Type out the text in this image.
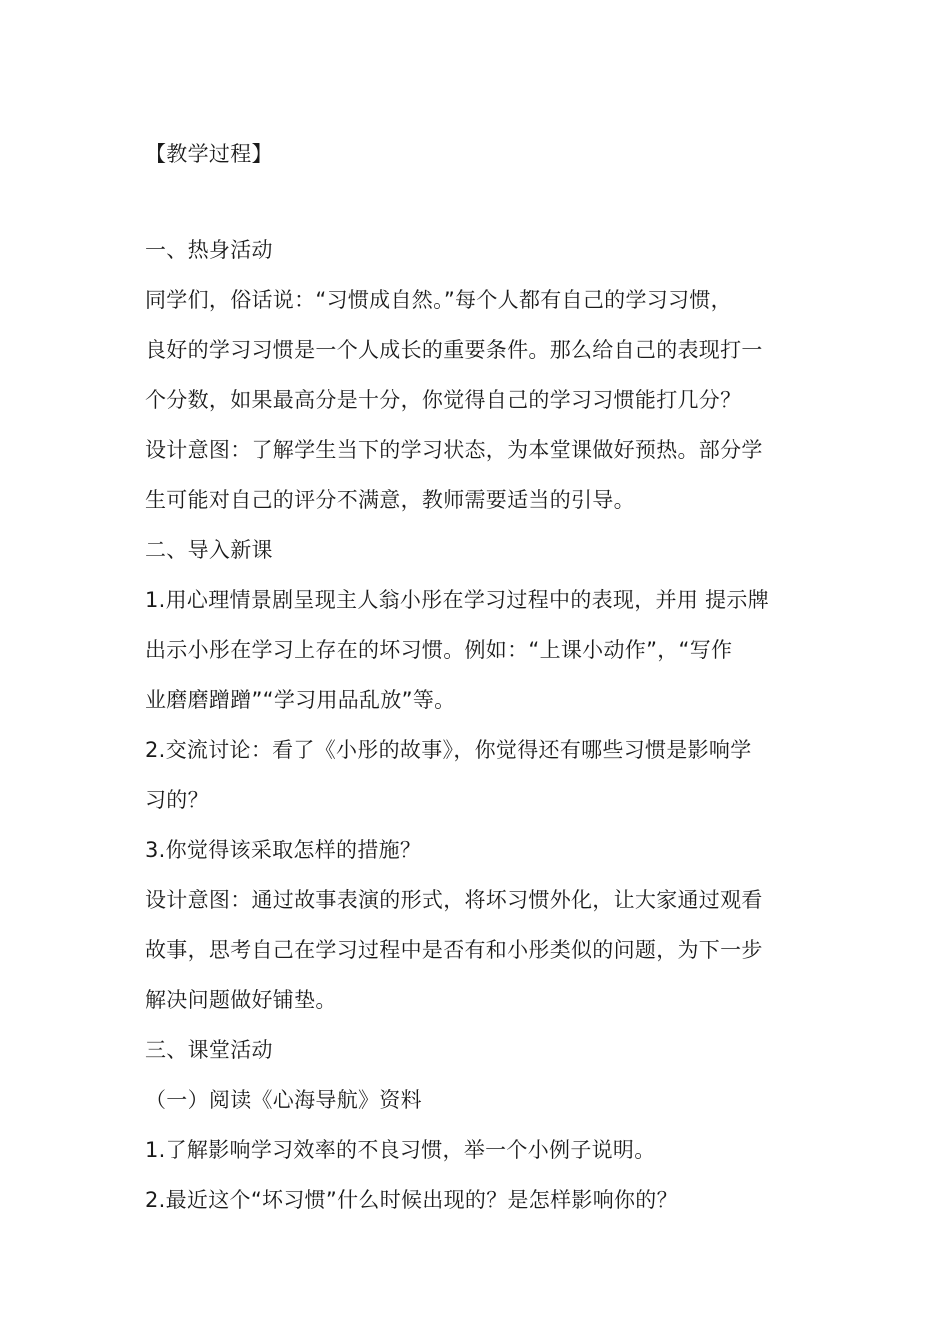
【教学过程】
一、热身活动
同学们，俗话说：“习惯成自然。”每个人都有自己的学习习惯，
良好的学习习惯是一个人成长的重要条件。那么给自己的表现打一
个分数，如果最高分是十分，你觉得自己的学习习惯能打几分？
设计意图：了解学生当下的学习状态，为本堂课做好预热。部分学
生可能对自己的评分不满意，教师需要适当的引导。
二、导入新课
1.用心理情景剧呈现主人翁小彤在学习过程中的表现，并用 提示牌
出示小彤在学习上存在的坏习惯。例如：“上课小动作”，“写作
业磨磨蹭蹭”“学习用品乱放”等。
2.交流讨论：看了《小彤的故事》，你觉得还有哪些习惯是影响学
习的？
3.你觉得该采取怎样的措施？
设计意图：通过故事表演的形式，将坏习惯外化，让大家通过观看
故事，思考自己在学习过程中是否有和小彤类似的问题，为下一步
解决问题做好铺垫。
三、课堂活动
（一）阅读《心海导航》资料
1.了解影响学习效率的不良习惯，举一个小例子说明。
2.最近这个“坏习惯”什么时候出现的？是怎样影响你的？
